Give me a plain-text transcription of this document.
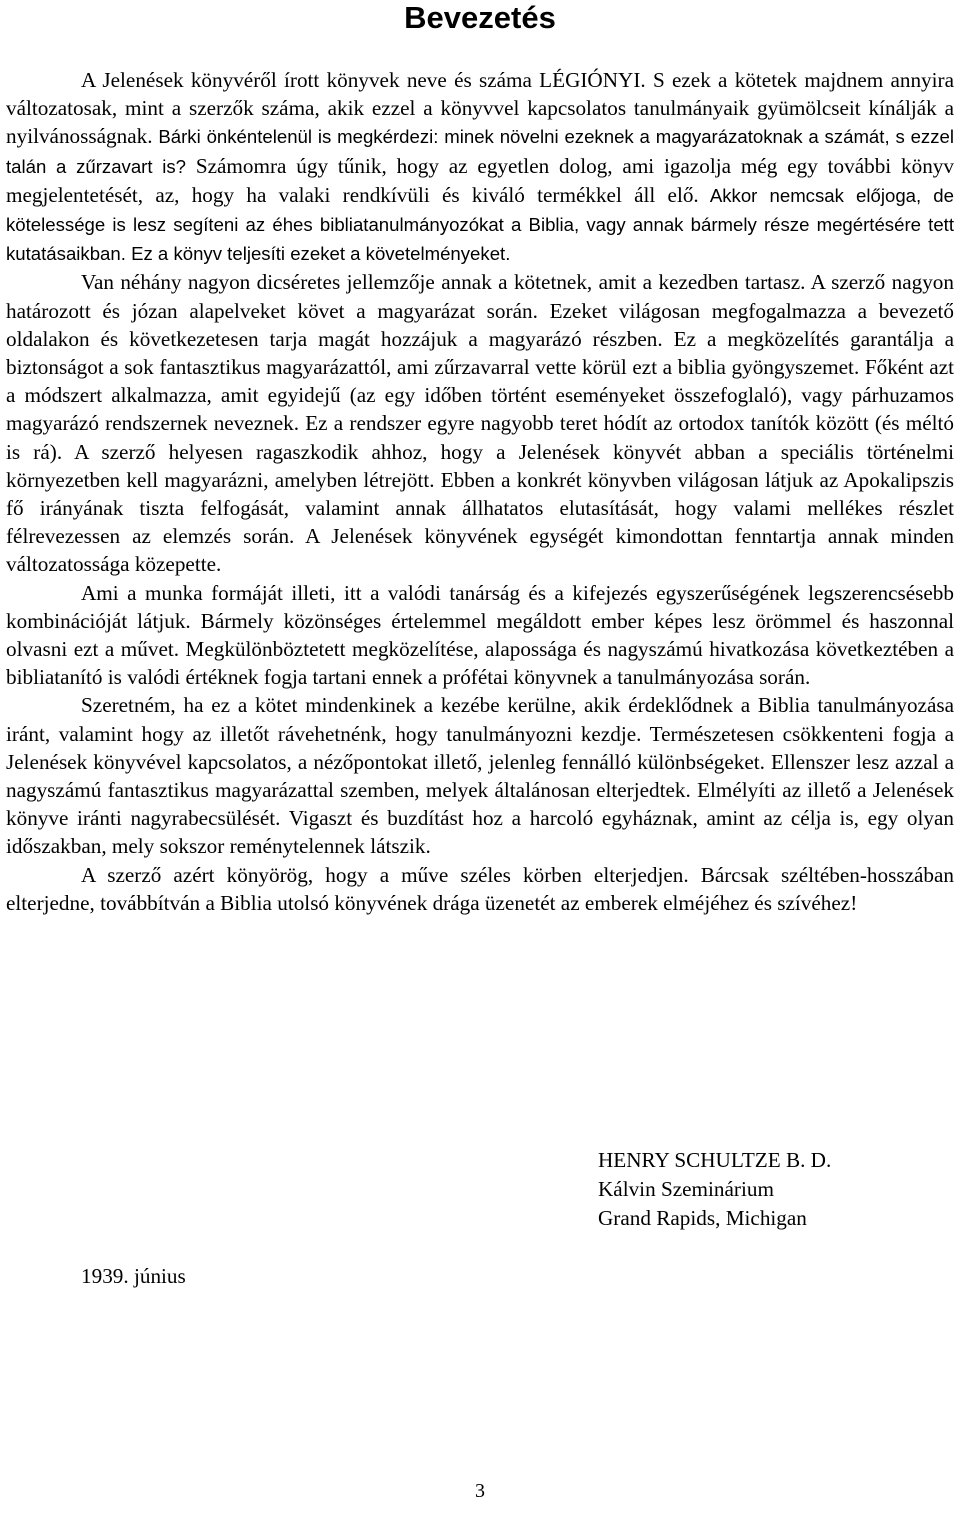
Bevezetés

A Jelenések könyvéről írott könyvek neve és száma LÉGIÓNYI. S ezek a kötetek majdnem annyira változatosak, mint a szerzők száma, akik ezzel a könyvvel kapcsolatos tanulmányaik gyümölcseit kínálják a nyilvánosságnak. Bárki önkéntelenül is megkérdezi: minek növelni ezeknek a magyarázatoknak a számát, s ezzel talán a zűrzavart is? Számomra úgy tűnik, hogy az egyetlen dolog, ami igazolja még egy további könyv megjelentetését, az, hogy ha valaki rendkívüli és kiváló termékkel áll elő. Akkor nemcsak előjoga, de kötelessége is lesz segíteni az éhes bibliatanulmányozókat a Biblia, vagy annak bármely része megértésére tett kutatásaikban. Ez a könyv teljesíti ezeket a követelményeket.

Van néhány nagyon dicséretes jellemzője annak a kötetnek, amit a kezedben tartasz. A szerző nagyon határozott és józan alapelveket követ a magyarázat során. Ezeket világosan megfogalmazza a bevezető oldalakon és következetesen tarja magát hozzájuk a magyarázó részben. Ez a megközelítés garantálja a biztonságot a sok fantasztikus magyarázattól, ami zűrzavarral vette körül ezt a biblia gyöngyszemet. Főként azt a módszert alkalmazza, amit egyidejű (az egy időben történt eseményeket összefoglaló), vagy párhuzamos magyarázó rendszernek neveznek. Ez a rendszer egyre nagyobb teret hódít az ortodox tanítók között (és méltó is rá). A szerző helyesen ragaszkodik ahhoz, hogy a Jelenések könyvét abban a speciális történelmi környezetben kell magyarázni, amelyben létrejött. Ebben a konkrét könyvben világosan látjuk az Apokalipszis fő irányának tiszta felfogását, valamint annak állhatatos elutasítását, hogy valami mellékes részlet félrevezessen az elemzés során. A Jelenések könyvének egységét kimondottan fenntartja annak minden változatossága közepette.

Ami a munka formáját illeti, itt a valódi tanárság és a kifejezés egyszerűségének legszerencsésebb kombinációját látjuk. Bármely közönséges értelemmel megáldott ember képes lesz örömmel és haszonnal olvasni ezt a művet. Megkülönböztetett megközelítése, alapossága és nagyszámú hivatkozása következtében a bibliatanító is valódi értéknek fogja tartani ennek a prófétai könyvnek a tanulmányozása során.

Szeretném, ha ez a kötet mindenkinek a kezébe kerülne, akik érdeklődnek a Biblia tanulmányozása iránt, valamint hogy az illetőt rávehetnénk, hogy tanulmányozni kezdje. Természetesen csökkenteni fogja a Jelenések könyvével kapcsolatos, a nézőpontokat illető, jelenleg fennálló különbségeket. Ellenszer lesz azzal a nagyszámú fantasztikus magyarázattal szemben, melyek általánosan elterjedtek. Elmélyíti az illető a Jelenések könyve iránti nagyrabecsülését. Vigaszt és buzdítást hoz a harcoló egyháznak, amint az célja is, egy olyan időszakban, mely sokszor reménytelennek látszik.

A szerző azért könyörög, hogy a műve széles körben elterjedjen. Bárcsak széltében-hosszában elterjedne, továbbítván a Biblia utolsó könyvének drága üzenetét az emberek elméjéhez és szívéhez!

HENRY SCHULTZE B. D.
Kálvin Szeminárium
Grand Rapids, Michigan
1939. június
3
